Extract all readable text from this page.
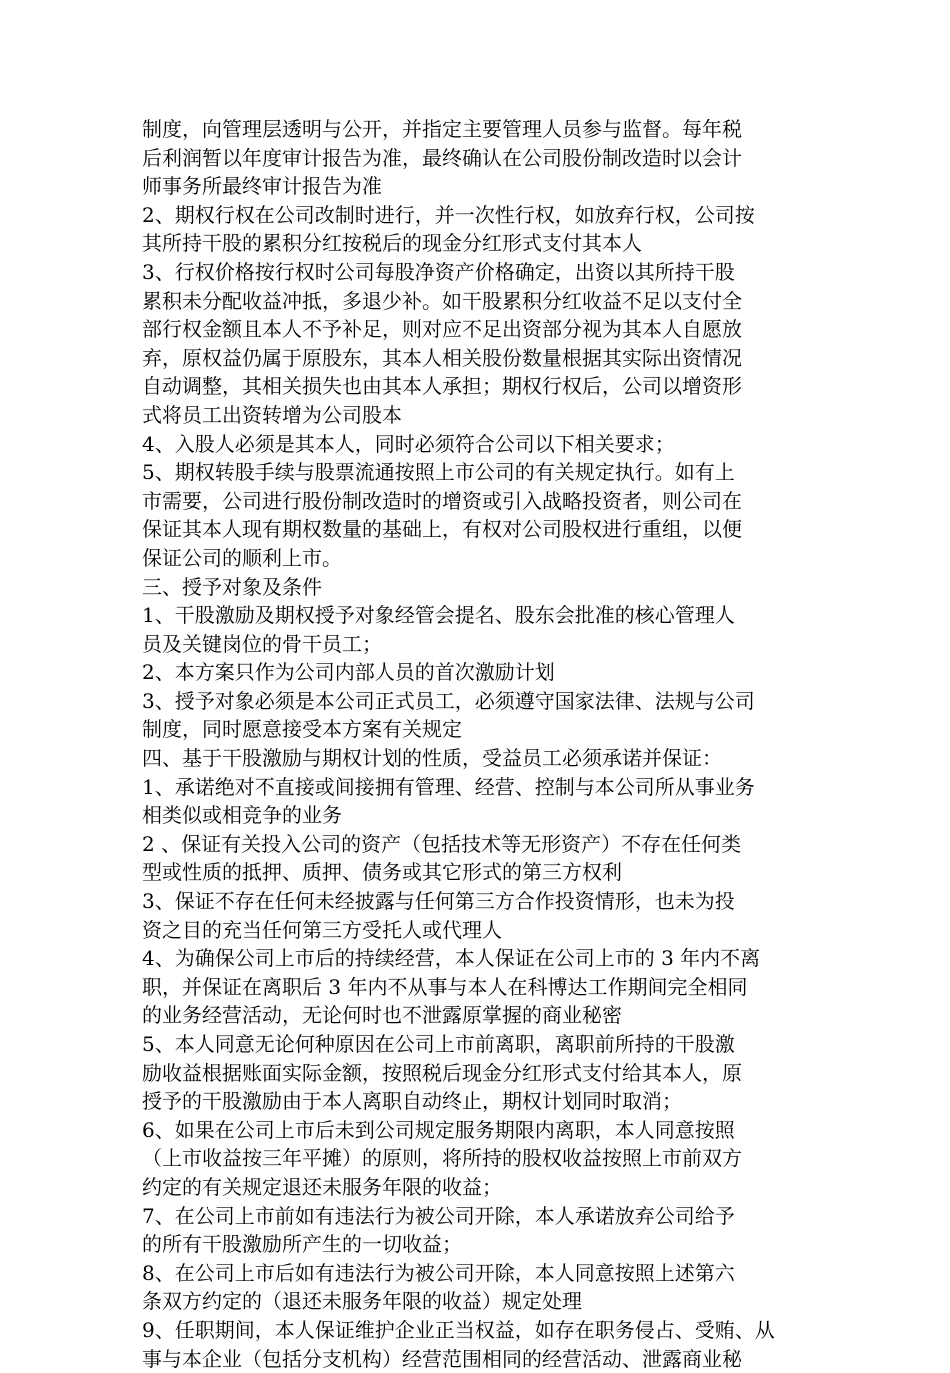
制度，向管理层透明与公开，并指定主要管理人员参与监督。每年税
后利润暂以年度审计报告为准，最终确认在公司股份制改造时以会计
师事务所最终审计报告为准

2、期权行权在公司改制时进行，并一次性行权，如放弃行权，公司按
其所持干股的累积分红按税后的现金分红形式支付其本人

3、行权价格按行权时公司每股净资产价格确定，出资以其所持干股
累积未分配收益冲抵，多退少补。如干股累积分红收益不足以支付全
部行权金额且本人不予补足，则对应不足出资部分视为其本人自愿放
弃，原权益仍属于原股东，其本人相关股份数量根据其实际出资情况
自动调整，其相关损失也由其本人承担；期权行权后，公司以增资形
式将员工出资转增为公司股本

4、入股人必须是其本人，同时必须符合公司以下相关要求；

5、期权转股手续与股票流通按照上市公司的有关规定执行。如有上
市需要，公司进行股份制改造时的增资或引入战略投资者，则公司在
保证其本人现有期权数量的基础上，有权对公司股权进行重组，以便
保证公司的顺利上市。

三、授予对象及条件

1、干股激励及期权授予对象经管会提名、股东会批准的核心管理人
员及关键岗位的骨干员工；

2、本方案只作为公司内部人员的首次激励计划

3、授予对象必须是本公司正式员工，必须遵守国家法律、法规与公司
制度，同时愿意接受本方案有关规定

四、基于干股激励与期权计划的性质，受益员工必须承诺并保证：

1、承诺绝对不直接或间接拥有管理、经营、控制与本公司所从事业务
相类似或相竞争的业务

2 、保证有关投入公司的资产（包括技术等无形资产）不存在任何类
型或性质的抵押、质押、债务或其它形式的第三方权利

3、保证不存在任何未经披露与任何第三方合作投资情形，也未为投
资之目的充当任何第三方受托人或代理人

4、为确保公司上市后的持续经营，本人保证在公司上市的 3 年内不离
职，并保证在离职后 3 年内不从事与本人在科博达工作期间完全相同
的业务经营活动，无论何时也不泄露原掌握的商业秘密

5、本人同意无论何种原因在公司上市前离职，离职前所持的干股激
励收益根据账面实际金额，按照税后现金分红形式支付给其本人，原
授予的干股激励由于本人离职自动终止，期权计划同时取消；

6、如果在公司上市后未到公司规定服务期限内离职，本人同意按照
（上市收益按三年平摊）的原则，将所持的股权收益按照上市前双方
约定的有关规定退还未服务年限的收益；

7、在公司上市前如有违法行为被公司开除，本人承诺放弃公司给予
的所有干股激励所产生的一切收益；

8、在公司上市后如有违法行为被公司开除，本人同意按照上述第六
条双方约定的（退还未服务年限的收益）规定处理

9、任职期间，本人保证维护企业正当权益，如存在职务侵占、受贿、从
事与本企业（包括分支机构）经营范围相同的经营活动、泄露商业秘
